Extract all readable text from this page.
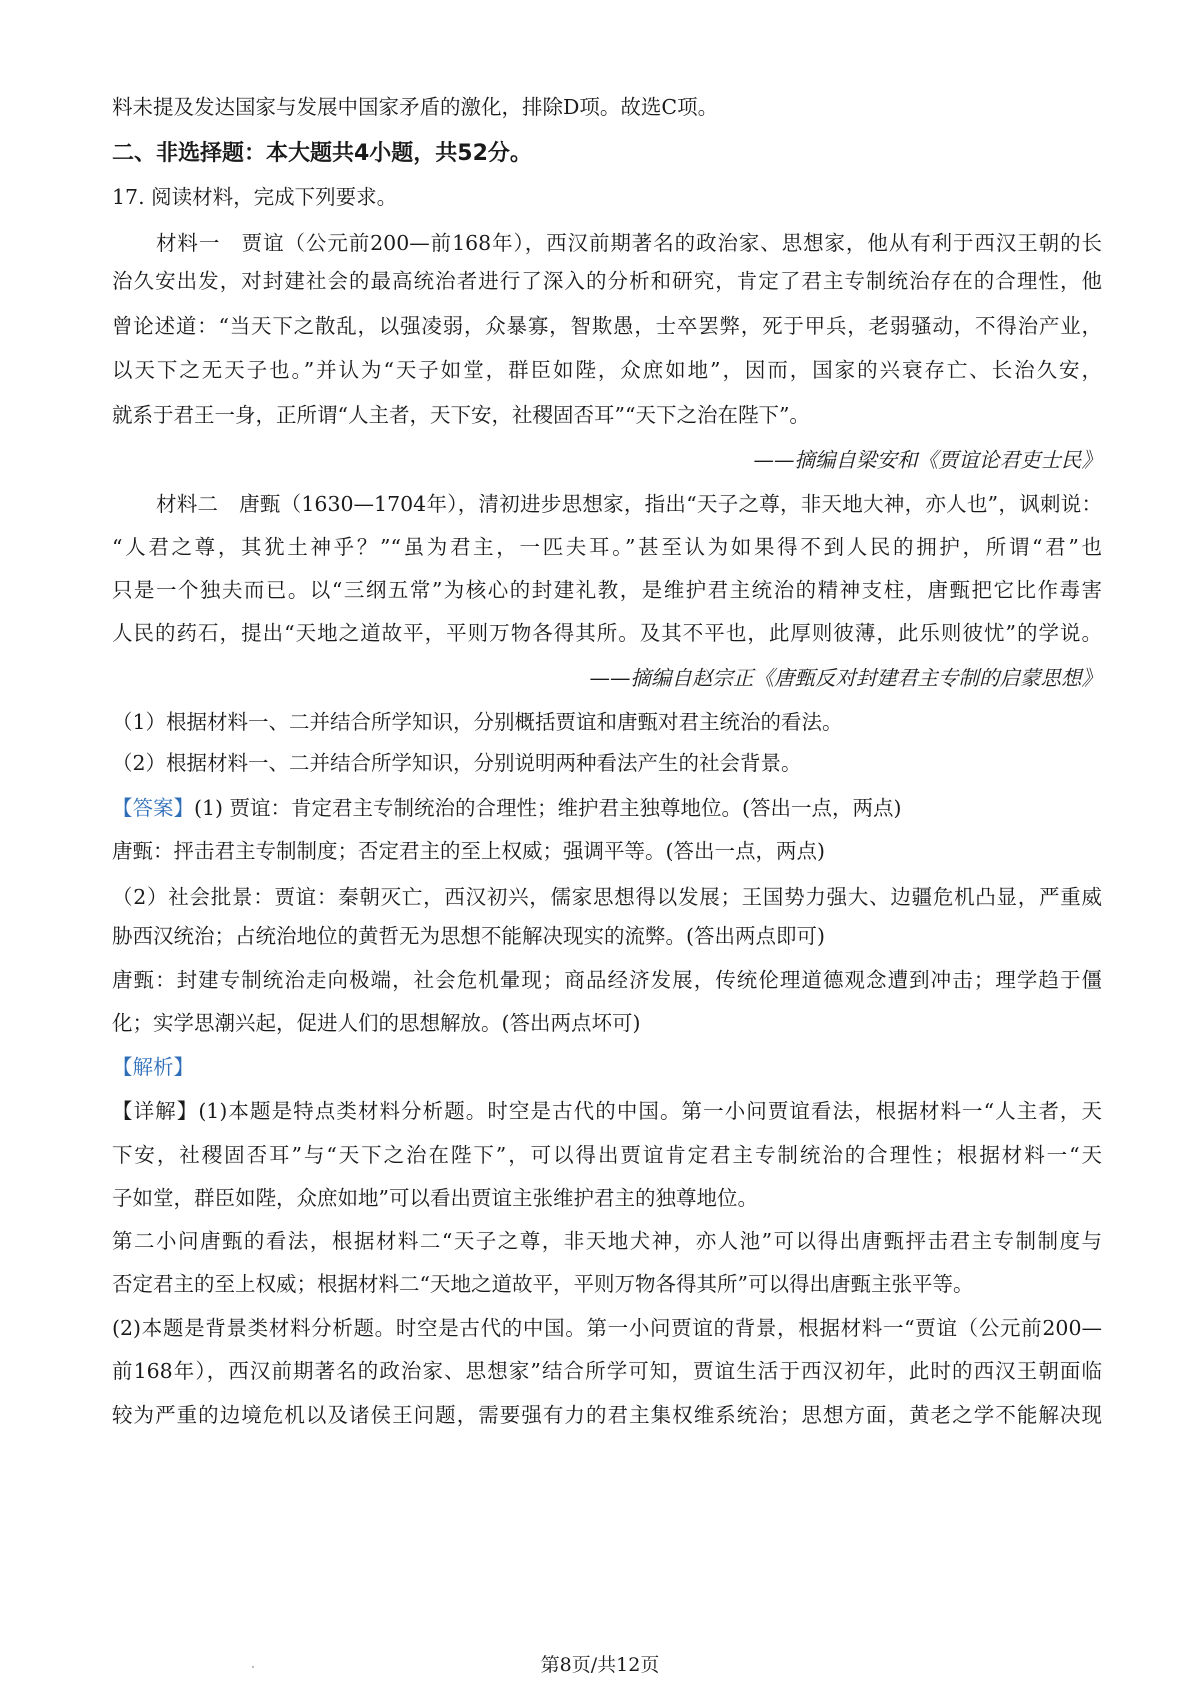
料未提及发达国家与发展中国家矛盾的激化，排除D项。故选C项。
二、非选择题：本大题共4小题，共52分。
17. 阅读材料，完成下列要求。
材料一　贾谊（公元前200—前168年），西汉前期著名的政治家、思想家，他从有利于西汉王朝的长
治久安出发，对封建社会的最高统治者进行了深入的分析和研究，肯定了君主专制统治存在的合理性，他
曾论述道：“当天下之散乱，以强凌弱，众暴寡，智欺愚，士卒罢弊，死于甲兵，老弱骚动，不得治产业，
以天下之无天子也。”并认为“天子如堂，群臣如陛，众庶如地”，因而，国家的兴衰存亡、长治久安，
就系于君王一身，正所谓“人主者，天下安，社稷固否耳”“天下之治在陛下”。
——摘编自梁安和《贾谊论君吏士民》
材料二　唐甄（1630—1704年），清初进步思想家，指出“天子之尊，非天地大神，亦人也”，讽刺说：
“人君之尊，其犹土神乎？”“虽为君主，一匹夫耳。”甚至认为如果得不到人民的拥护，所谓“君”也
只是一个独夫而已。以“三纲五常”为核心的封建礼教，是维护君主统治的精神支柱，唐甄把它比作毒害
人民的药石，提出“天地之道故平，平则万物各得其所。及其不平也，此厚则彼薄，此乐则彼忧”的学说。
——摘编自赵宗正《唐甄反对封建君主专制的启蒙思想》
（1）根据材料一、二并结合所学知识，分别概括贾谊和唐甄对君主统治的看法。
（2）根据材料一、二并结合所学知识，分别说明两种看法产生的社会背景。
【答案】(1) 贾谊：肯定君主专制统治的合理性；维护君主独尊地位。(答出一点，两点)
唐甄：抨击君主专制制度；否定君主的至上权威；强调平等。(答出一点，两点)
（2）社会批景：贾谊：秦朝灭亡，西汉初兴，儒家思想得以发展；王国势力强大、边疆危机凸显，严重威
胁西汉统治；占统治地位的黄哲无为思想不能解决现实的流弊。(答出两点即可)
唐甄：封建专制统治走向极端，社会危机暈现；商品经济发展，传统伦理道德观念遭到冲击；理学趋于僵
化；实学思潮兴起，促进人们的思想解放。(答出两点坏可)
【解析】
【详解】(1)本题是特点类材料分析题。时空是古代的中国。第一小问贾谊看法，根据材料一“人主者，天
下安，社稷固否耳”与“天下之治在陛下”，可以得出贾谊肯定君主专制统治的合理性；根据材料一“天
子如堂，群臣如陛，众庶如地”可以看出贾谊主张维护君主的独尊地位。
第二小问唐甄的看法，根据材料二“天子之尊，非天地犬神，亦人池”可以得出唐甄抨击君主专制制度与
否定君主的至上权威；根据材料二“天地之道故平，平则万物各得其所”可以得出唐甄主张平等。
(2)本题是背景类材料分析题。时空是古代的中国。第一小问贾谊的背景，根据材料一“贾谊（公元前200—
前168年），西汉前期著名的政治家、思想家”结合所学可知，贾谊生活于西汉初年，此时的西汉王朝面临
较为严重的边境危机以及诸侯王问题，需要强有力的君主集权维系统治；思想方面，黄老之学不能解决现
第8页/共12页
